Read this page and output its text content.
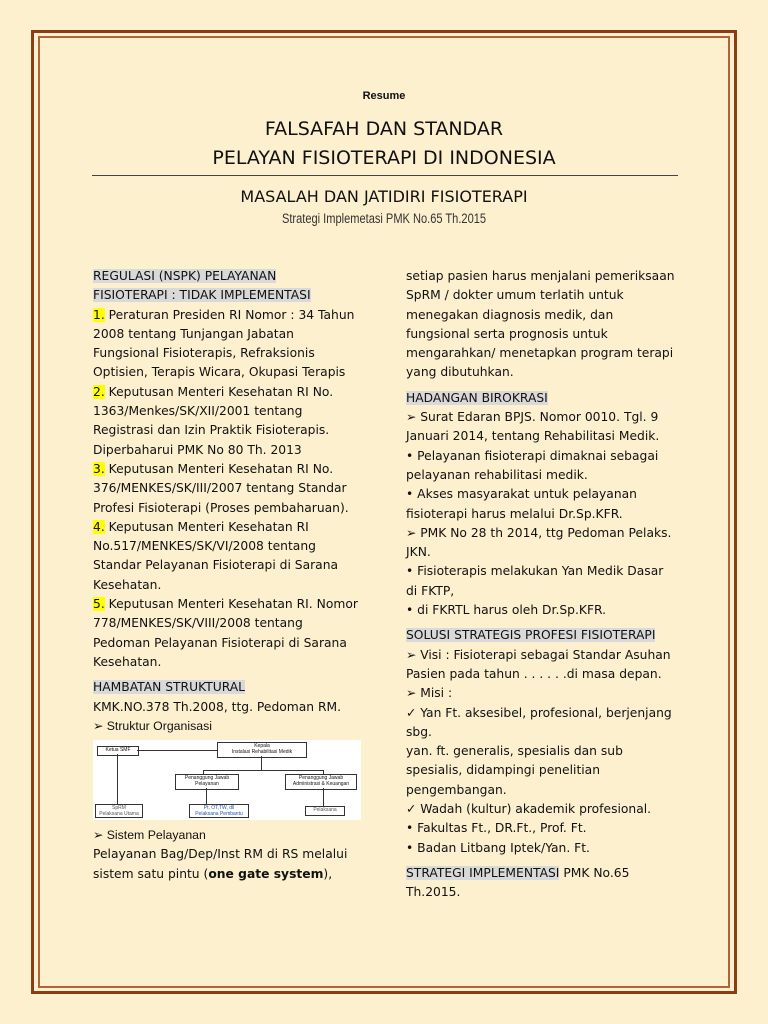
Resume
FALSAFAH DAN STANDAR
PELAYAN FISIOTERAPI DI INDONESIA
MASALAH DAN JATIDIRI FISIOTERAPI
Strategi Implemetasi PMK No.65 Th.2015

REGULASI (NSPK) PELAYANAN

FISIOTERAPI : TIDAK IMPLEMENTASI

1. Peraturan Presiden RI Nomor : 34 Tahun 2008 tentang Tunjangan Jabatan Fungsional Fisioterapis, Refraksionis Optisien, Terapis Wicara, Okupasi Terapis

2. Keputusan Menteri Kesehatan RI No. 1363/Menkes/SK/XII/2001 tentang Registrasi dan Izin Praktik Fisioterapis. Diperbaharui PMK No 80 Th. 2013

3. Keputusan Menteri Kesehatan RI No. 376/MENKES/SK/III/2007 tentang Standar Profesi Fisioterapi (Proses pembaharuan).

4. Keputusan Menteri Kesehatan RI No.517/MENKES/SK/VI/2008 tentang Standar Pelayanan Fisioterapi di Sarana Kesehatan.

5. Keputusan Menteri Kesehatan RI. Nomor 778/MENKES/SK/VIII/2008 tentang Pedoman Pelayanan Fisioterapi di Sarana Kesehatan.

HAMBATAN STRUKTURAL

KMK.NO.378 Th.2008, ttg. Pedoman RM.

➢ Struktur Organisasi

Ketua SMF
Kepala
Instalasi Rehabilitasi Medik
Penanggung Jawab
Pelayanan
Penanggung Jawab
Administrasi & Keuangan
SpRM
Pelaksana Utama
Pt, OT,TW, dll
Pelaksana Pembantu
Pelaksana

➢ Sistem Pelayanan

Pelayanan Bag/Dep/Inst RM di RS melalui sistem satu pintu (one gate system),

setiap pasien harus menjalani pemeriksaan SpRM / dokter umum terlatih untuk menegakan diagnosis medik, dan fungsional serta prognosis untuk mengarahkan/ menetapkan program terapi yang dibutuhkan.

HADANGAN BIROKRASI

➢ Surat Edaran BPJS. Nomor 0010. Tgl. 9 Januari 2014, tentang Rehabilitasi Medik.

• Pelayanan fisioterapi dimaknai sebagai pelayanan rehabilitasi medik.

• Akses masyarakat untuk pelayanan fisioterapi harus melalui Dr.Sp.KFR.

➢ PMK No 28 th 2014, ttg Pedoman Pelaks. JKN.

• Fisioterapis melakukan Yan Medik Dasar di FKTP,

• di FKRTL harus oleh Dr.Sp.KFR.

SOLUSI STRATEGIS PROFESI FISIOTERAPI

➢ Visi : Fisioterapi sebagai Standar Asuhan Pasien pada tahun . . . . . .di masa depan.

➢ Misi :

✓ Yan Ft. aksesibel, profesional, berjenjang sbg.

yan. ft. generalis, spesialis dan sub spesialis, didampingi penelitian pengembangan.

✓ Wadah (kultur) akademik profesional.

• Fakultas Ft., DR.Ft., Prof. Ft.

• Badan Litbang Iptek/Yan. Ft.

STRATEGI IMPLEMENTASI PMK No.65 Th.2015.
